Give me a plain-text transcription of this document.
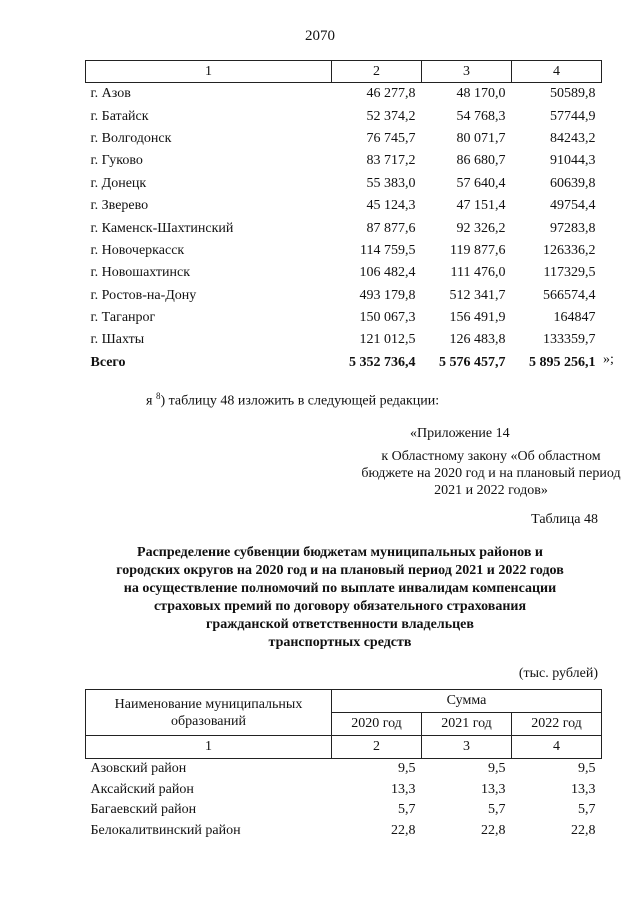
2070
1	2	3	4
г. Азов	46 277,8	48 170,0	50589,8
г. Батайск	52 374,2	54 768,3	57744,9
г. Волгодонск	76 745,7	80 071,7	84243,2
г. Гуково	83 717,2	86 680,7	91044,3
г. Донецк	55 383,0	57 640,4	60639,8
г. Зверево	45 124,3	47 151,4	49754,4
г. Каменск-Шахтинский	87 877,6	92 326,2	97283,8
г. Новочеркасск	114 759,5	119 877,6	126336,2
г. Новошахтинск	106 482,4	111 476,0	117329,5
г. Ростов-на-Дону	493 179,8	512 341,7	566574,4
г. Таганрог	150 067,3	156 491,9	164847
г. Шахты	121 012,5	126 483,8	133359,7
Всего	5 352 736,4	5 576 457,7	5 895 256,1 »;
я $^8$) таблицу 48 изложить в следующей редакции:
«Приложение 14
к Областному закону «Об областном бюджете на 2020 год и на плановый период 2021 и 2022 годов»
Таблица 48
Распределение субвенции бюджетам муниципальных районов и
городских округов на 2020 год и на плановый период 2021 и 2022 годов
на осуществление полномочий по выплате инвалидам компенсации
страховых премий по договору обязательного страхования
гражданской ответственности владельцев
транспортных средств
(тыс. рублей)
Наименование муниципальных образований	Сумма		
	2020 год	2021 год	2022 год
1	2	3	4
Азовский район	9,5	9,5	9,5
Аксайский район	13,3	13,3	13,3
Багаевский район	5,7	5,7	5,7
Белокалитвинский район	22,8	22,8	22,8
